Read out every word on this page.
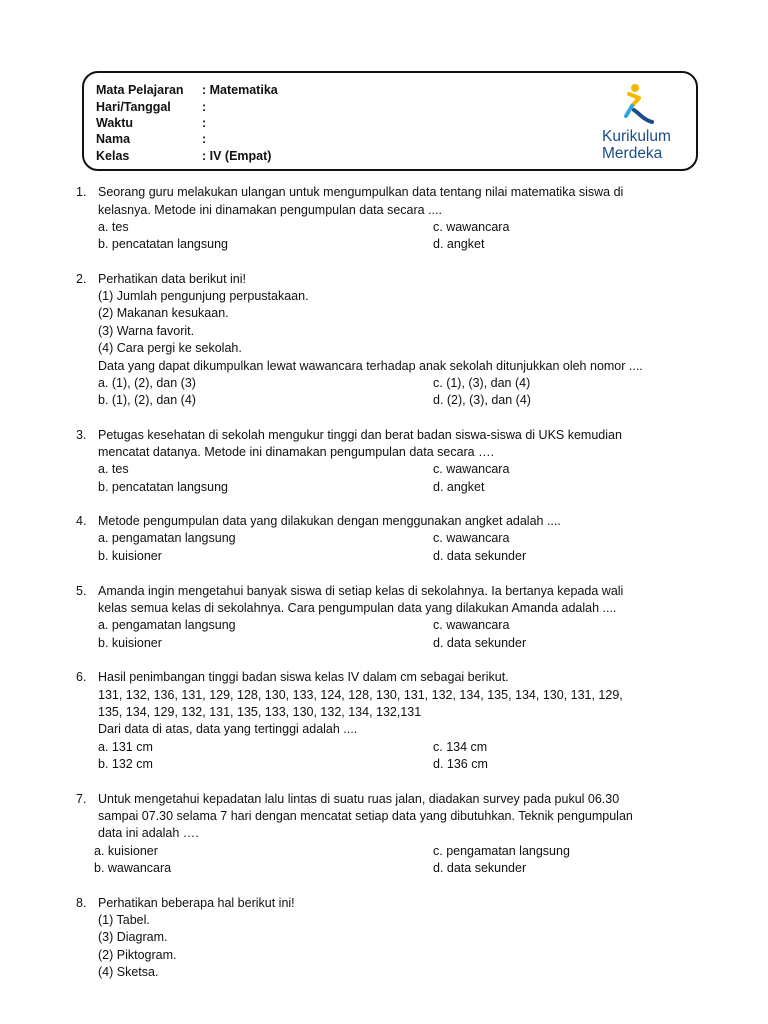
Mata Pelajaran : Matematika
Hari/Tanggal :
Waktu	:
Nama	:
Kelas	: IV (Empat)
Kurikulum
Merdeka
1. Seorang guru melakukan ulangan untuk mengumpulkan data tentang nilai matematika siswa di
kelasnya. Metode ini dinamakan pengumpulan data secara ....
a. tes	c. wawancara
b. pencatatan langsung	d. angket
2. Perhatikan data berikut ini!
(1) Jumlah pengunjung perpustakaan.
(2) Makanan kesukaan.
(3) Warna favorit.
(4) Cara pergi ke sekolah.
Data yang dapat dikumpulkan lewat wawancara terhadap anak sekolah ditunjukkan oleh nomor ....
a. (1), (2), dan (3)	c. (1), (3), dan (4)
b. (1), (2), dan (4)	d. (2), (3), dan (4)
3. Petugas kesehatan di sekolah mengukur tinggi dan berat badan siswa-siswa di UKS kemudian
mencatat datanya. Metode ini dinamakan pengumpulan data secara ….
a. tes	c. wawancara
b. pencatatan langsung	d. angket
4. Metode pengumpulan data yang dilakukan dengan menggunakan angket adalah ....
a. pengamatan langsung	c. wawancara
b. kuisioner	d. data sekunder
5. Amanda ingin mengetahui banyak siswa di setiap kelas di sekolahnya. Ia bertanya kepada wali
kelas semua kelas di sekolahnya. Cara pengumpulan data yang dilakukan Amanda adalah ....
a. pengamatan langsung	c. wawancara
b. kuisioner	d. data sekunder
6. Hasil penimbangan tinggi badan siswa kelas IV dalam cm sebagai berikut.
131, 132, 136, 131, 129, 128, 130, 133, 124, 128, 130, 131, 132, 134, 135, 134, 130, 131, 129,
135, 134, 129, 132, 131, 135, 133, 130, 132, 134, 132,131
Dari data di atas, data yang tertinggi adalah ....
a. 131 cm	c. 134 cm
b. 132 cm	d. 136 cm
7. Untuk mengetahui kepadatan lalu lintas di suatu ruas jalan, diadakan survey pada pukul 06.30
sampai 07.30 selama 7 hari dengan mencatat setiap data yang dibutuhkan. Teknik pengumpulan
data ini adalah ….
a. kuisioner	c. pengamatan langsung
b. wawancara	d. data sekunder
8. Perhatikan beberapa hal berikut ini!
(1) Tabel.
(3) Diagram.
(2) Piktogram.
(4) Sketsa.
